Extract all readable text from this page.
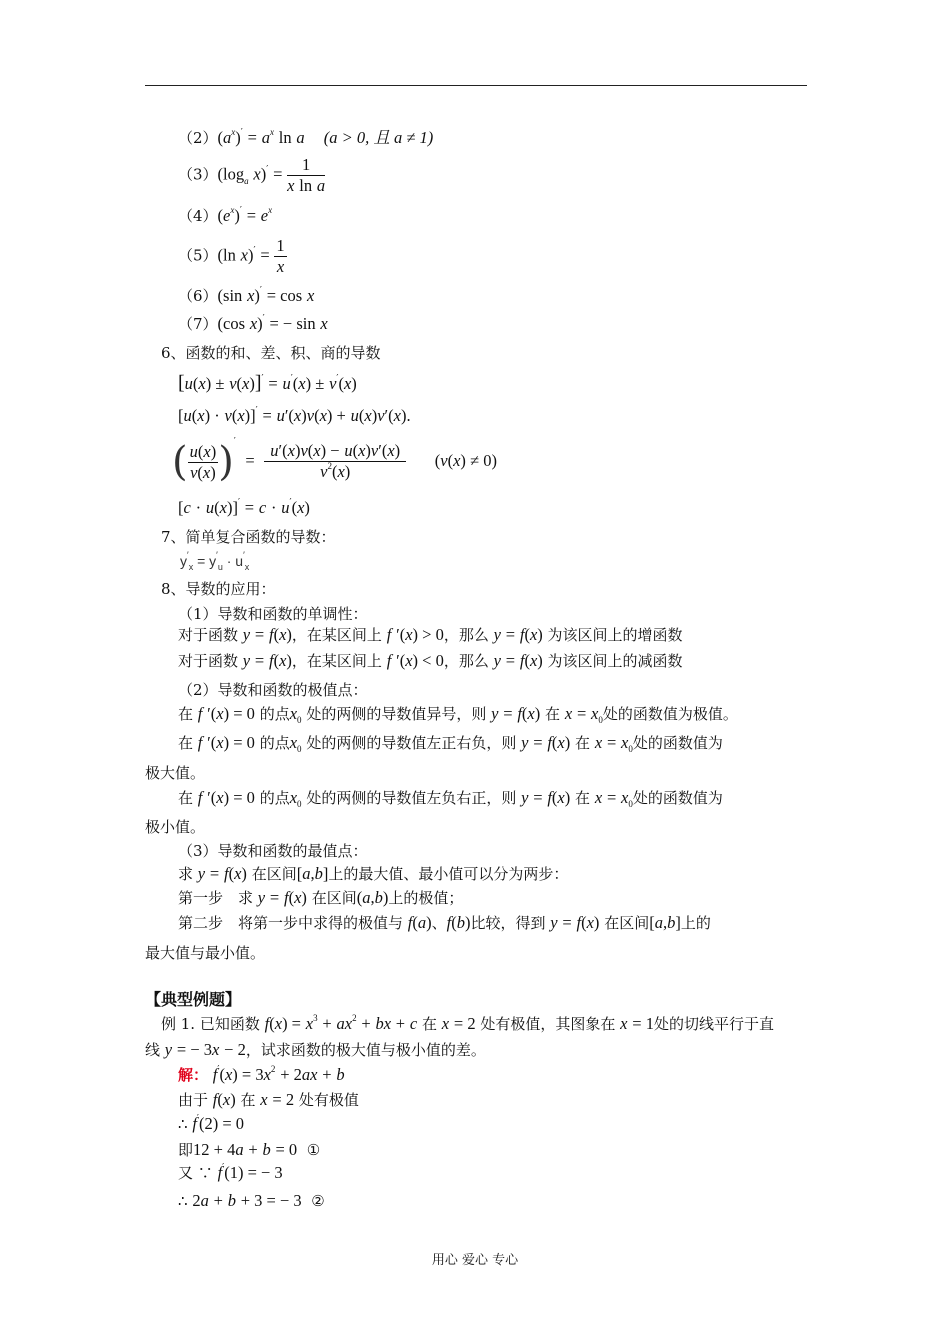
$(2)(a^x)' = a^x$ ln a (a > 0, 且 a ≠ 1)
$(3)(\log_a$ $x)' = \frac{1}{\text{x ln a}}$
$(4)(e^x)' = e^x$
（5）(ln $x)' = \frac{1}{x}$
（6）(sin x)′ = cos x
（7）(cos x)′ = − sin x
6、函数的和、差、积、商的导数
[u(x) ± v(x)]′ = u′(x) ± v′(x)
[u(x) · v(x)]′ = u′(x)v(x) + u(x)v′(x).
( $\frac{u(x)}{v(x)} )' = \frac{u'(x)v(x) - u(x)v'(x)}{v^2(x)} (v(x) \ne 0)$
[c · u(x)]′ = c · u′(x)
7、简单复合函数的导数：
$y'_x = y'_u \cdot u'_x$
8、导数的应用：
（1）导数和函数的单调性：
对于函数 y = f(x)，在某区间上 f ′(x) > 0，那么 y = f(x) 为该区间上的增函数
对于函数 y = f(x)，在某区间上 f ′(x) < 0，那么 y = f(x) 为该区间上的减函数
（2）导数和函数的极值点：
在 f ′(x) = 0 的点$x_0$ 处的两侧的导数值异号，则 y = f(x) 在 $x = x_0$处的函数值为极值。
在 f ′(x) = 0 的点$x_0$ 处的两侧的导数值左正右负，则 y = f(x) 在 $x = x_0$处的函数值为
极大值。
在 f ′(x) = 0 的点$x_0$ 处的两侧的导数值左负右正，则 y = f(x) 在 $x = x_0$处的函数值为
极小值。
（3）导数和函数的最值点：
求 y = f(x) 在区间[a,b]上的最大值、最小值可以分为两步：
第一步　求 y = f(x) 在区间(a,b)上的极值；
第二步　将第一步中求得的极值与 f(a)、f(b)比较，得到 y = f(x) 在区间[a,b]上的
最大值与最小值。
【典型例题】
例 1. 已知函数 $f(x) = x^3 + ax^2$ + bx + c 在 x = 2 处有极值，其图象在 x = 1处的切线平行于直
线 y = − 3x − 2，试求函数的极大值与极小值的差。
解： $f'(x) = 3x^2 + 2ax + b$
由于 f(x) 在 x = 2 处有极值
∴ f′(2) = 0
即12 + 4a + b = 0 ①
又 ∵ f′(1) = − 3
∴ 2a + b + 3 = − 3 ②
用心 爱心 专心
